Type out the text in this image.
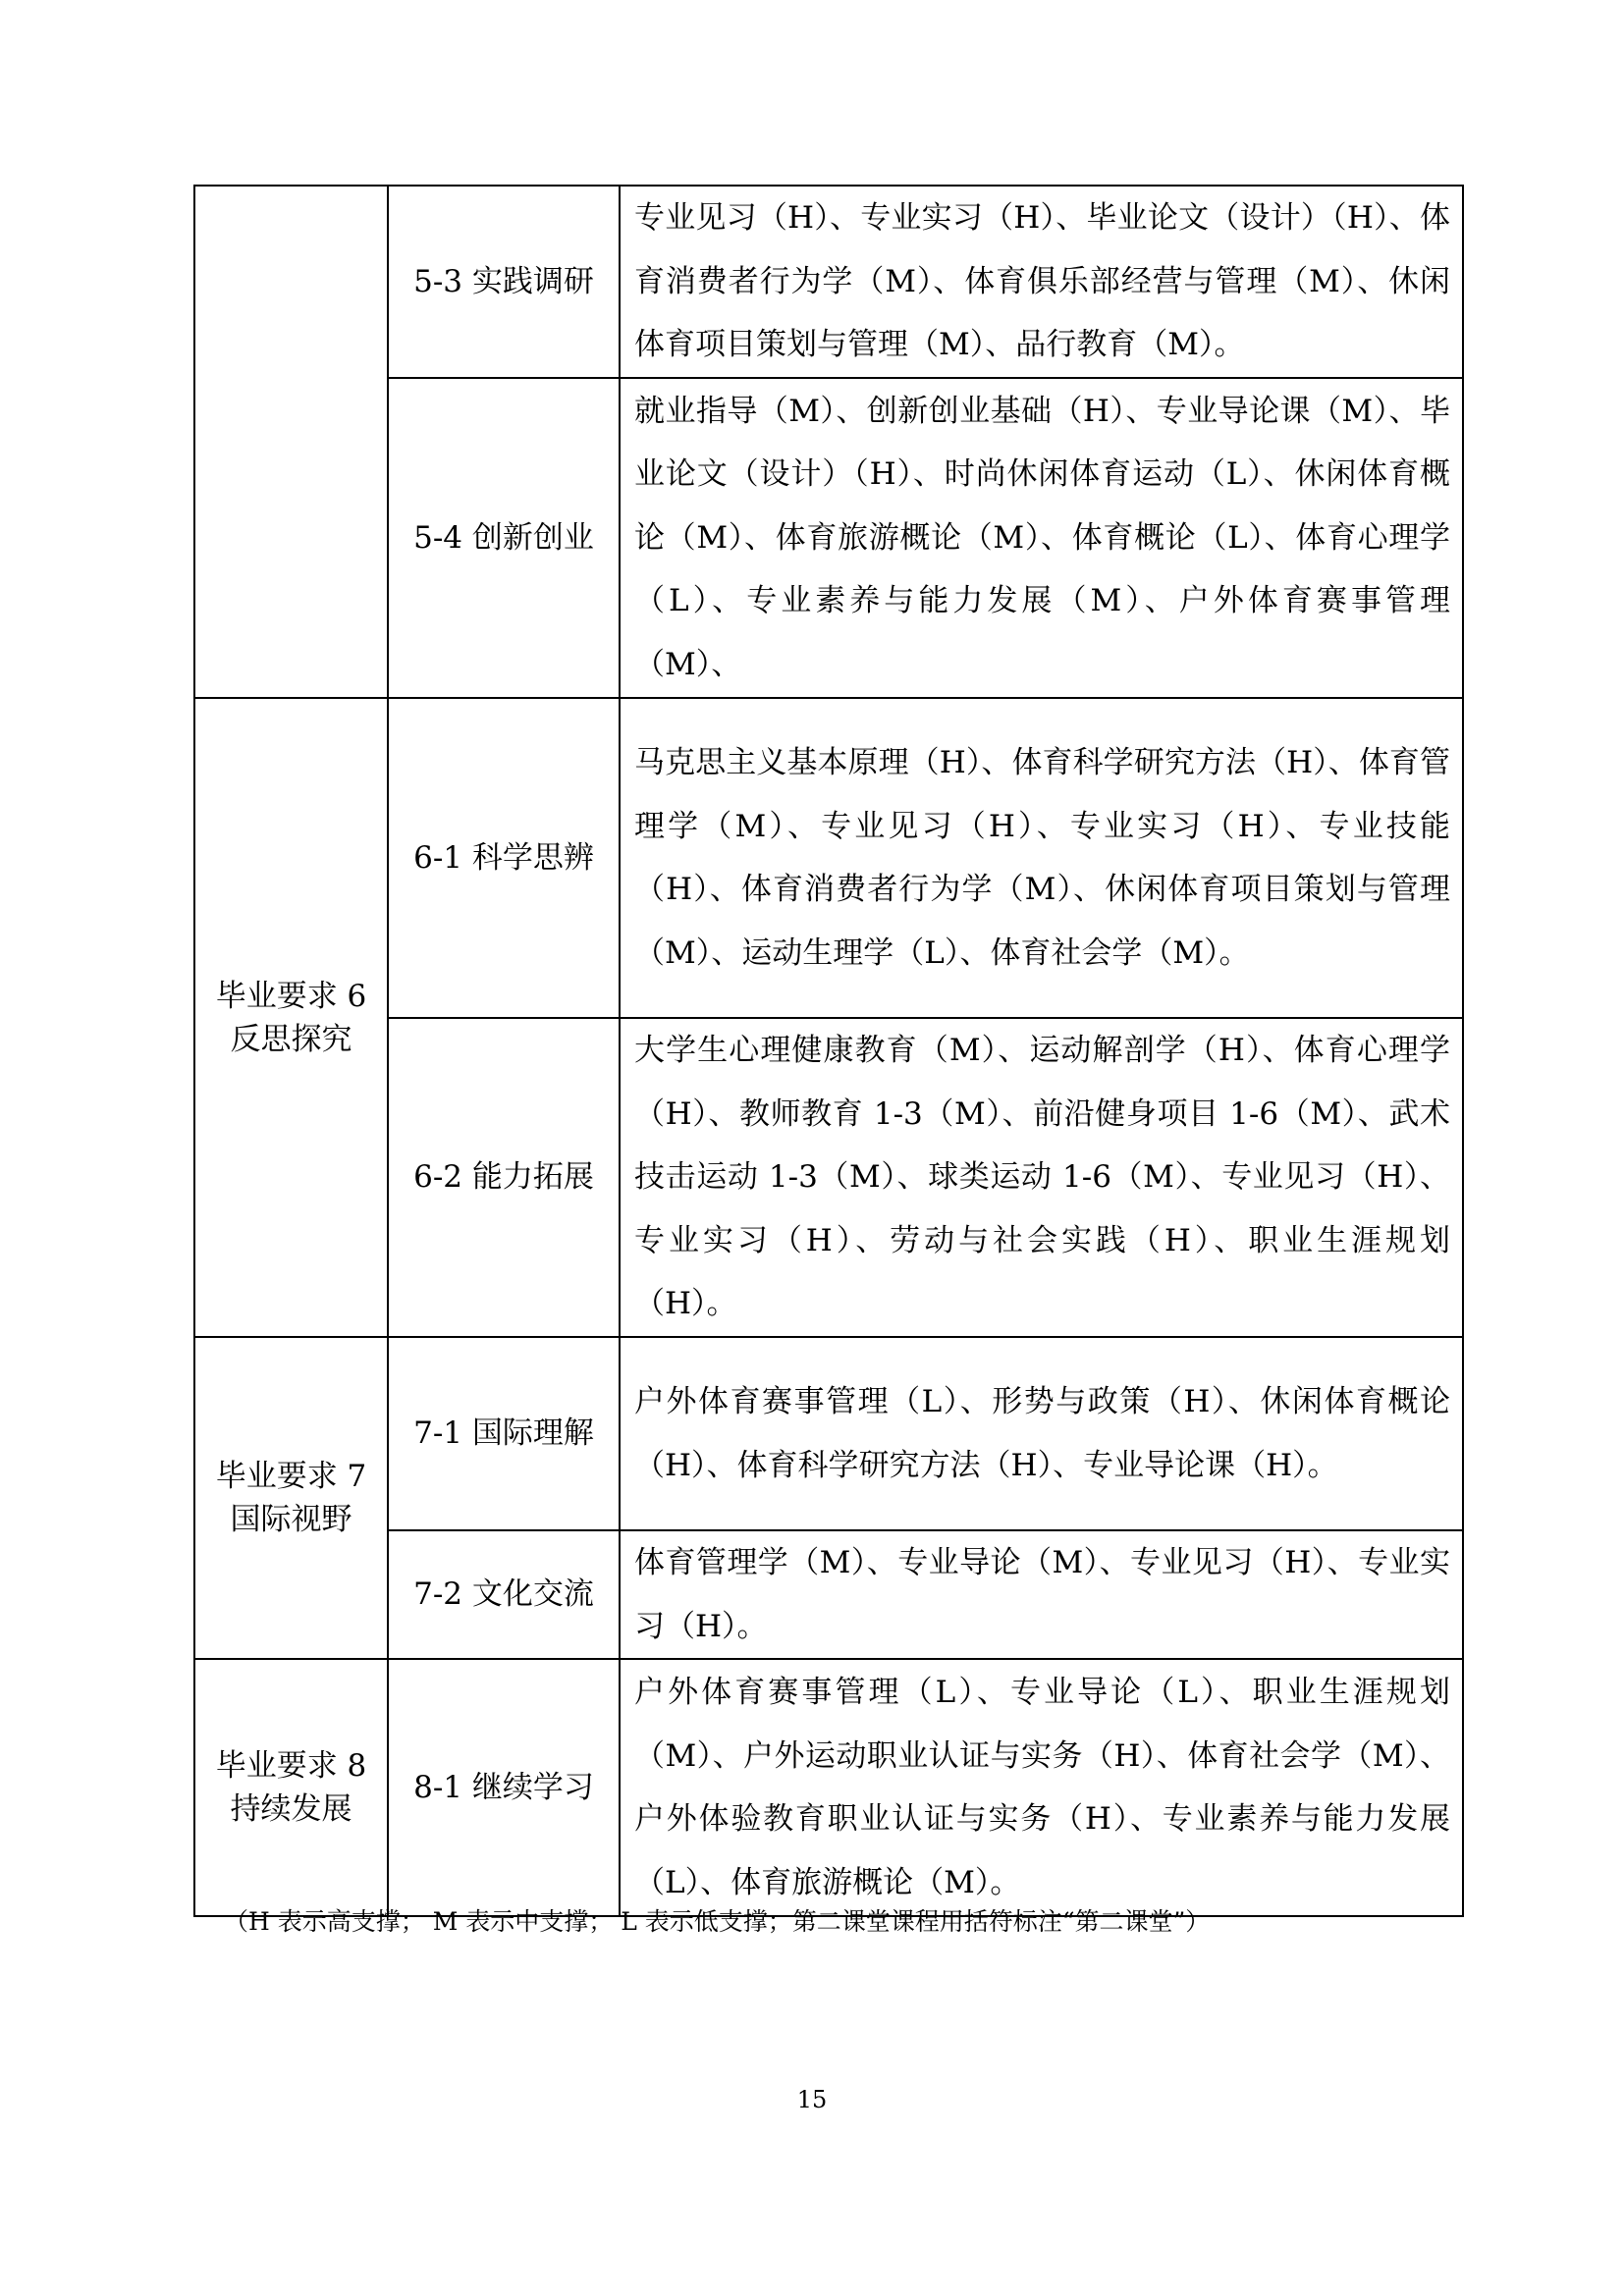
	5-3 实践调研	专业见习（H）、专业实习（H）、毕业论文（设计）（H）、体育消费者行为学（M）、体育俱乐部经营与管理（M）、休闲体育项目策划与管理（M）、品行教育（M）。
	5-4 创新创业	就业指导（M）、创新创业基础（H）、专业导论课（M）、毕业论文（设计）（H）、时尚休闲体育运动（L）、休闲体育概论（M）、体育旅游概论（M）、体育概论（L）、体育心理学（L）、专业素养与能力发展（M）、户外体育赛事管理（M）、

毕业要求 6
反思探究	6-1 科学思辨	马克思主义基本原理（H）、体育科学研究方法（H）、体育管理学（M）、专业见习（H）、专业实习（H）、专业技能（H）、体育消费者行为学（M）、休闲体育项目策划与管理（M）、运动生理学（L）、体育社会学（M）。
	6-2 能力拓展	大学生心理健康教育（M）、运动解剖学（H）、体育心理学（H）、教师教育 1-3（M）、前沿健身项目 1-6（M）、武术技击运动 1-3（M）、球类运动 1-6（M）、专业见习（H）、专业实习（H）、劳动与社会实践（H）、职业生涯规划（H）。

毕业要求 7
国际视野	7-1 国际理解	户外体育赛事管理（L）、形势与政策（H）、休闲体育概论（H）、体育科学研究方法（H）、专业导论课（H）。
	7-2 文化交流	体育管理学（M）、专业导论（M）、专业见习（H）、专业实习（H）。

毕业要求 8
持续发展	8-1 继续学习	户外体育赛事管理（L）、专业导论（L）、职业生涯规划（M）、户外运动职业认证与实务（H）、体育社会学（M）、户外体验教育职业认证与实务（H）、专业素养与能力发展（L）、体育旅游概论（M）。
（H 表示高支撑； M 表示中支撑； L 表示低支撑；第二课堂课程用括符标注“第二课堂”）
15
